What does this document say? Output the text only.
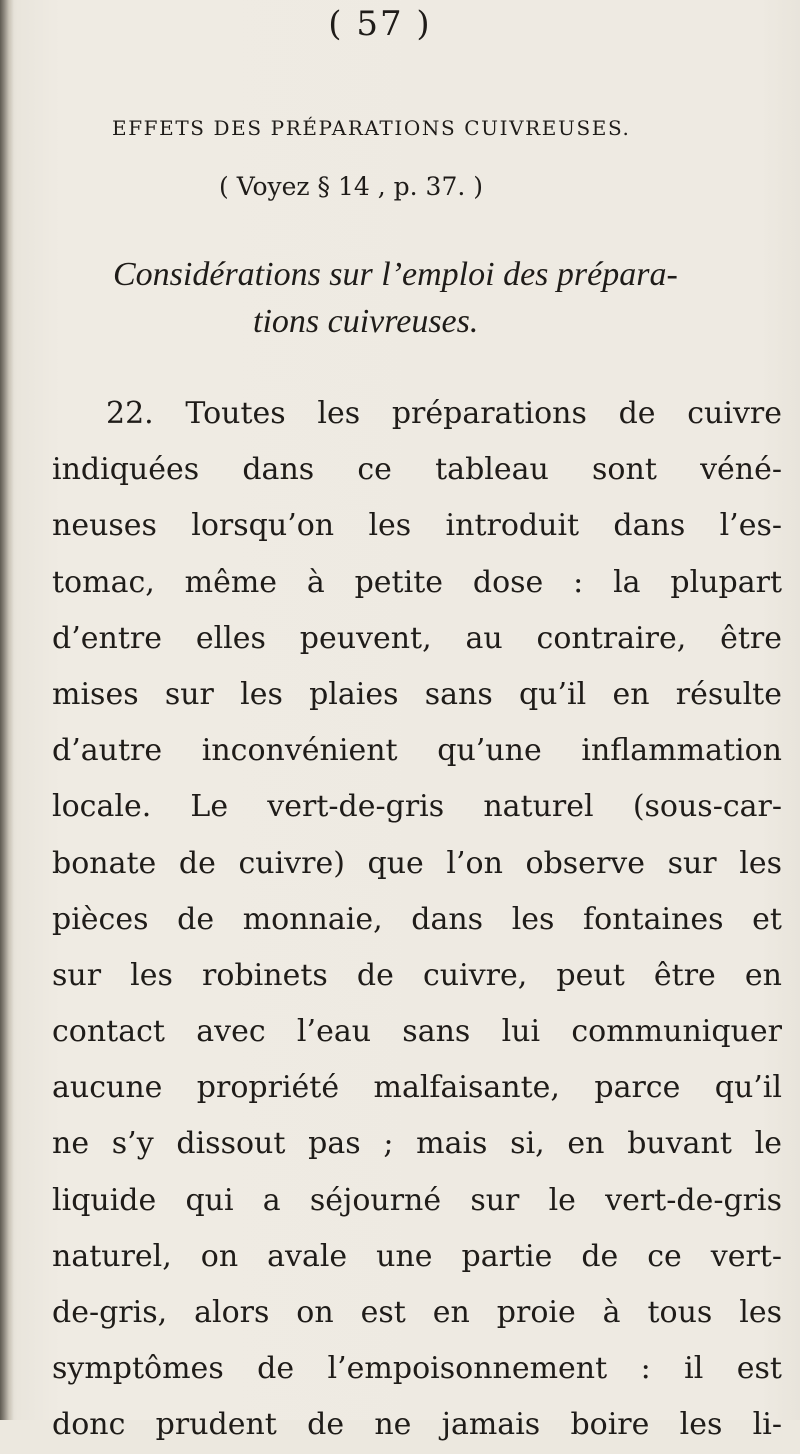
( 57 )
EFFETS DES PRÉPARATIONS CUIVREUSES.
( Voyez § 14 , p. 37. )
Considérations sur l’emploi des prépara-
tions cuivreuses.
22. Toutes les préparations de cuivre
indiquées dans ce tableau sont véné-
neuses lorsqu’on les introduit dans l’es-
tomac, même à petite dose : la plupart
d’entre elles peuvent, au contraire, être
mises sur les plaies sans qu’il en résulte
d’autre inconvénient qu’une inflammation
locale. Le vert-de-gris naturel (sous-car-
bonate de cuivre) que l’on observe sur les
pièces de monnaie, dans les fontaines et
sur les robinets de cuivre, peut être en
contact avec l’eau sans lui communiquer
aucune propriété malfaisante, parce qu’il
ne s’y dissout pas ; mais si, en buvant le
liquide qui a séjourné sur le vert-de-gris
naturel, on avale une partie de ce vert-
de-gris, alors on est en proie à tous les
symptômes de l’empoisonnement : il est
donc prudent de ne jamais boire les li-
